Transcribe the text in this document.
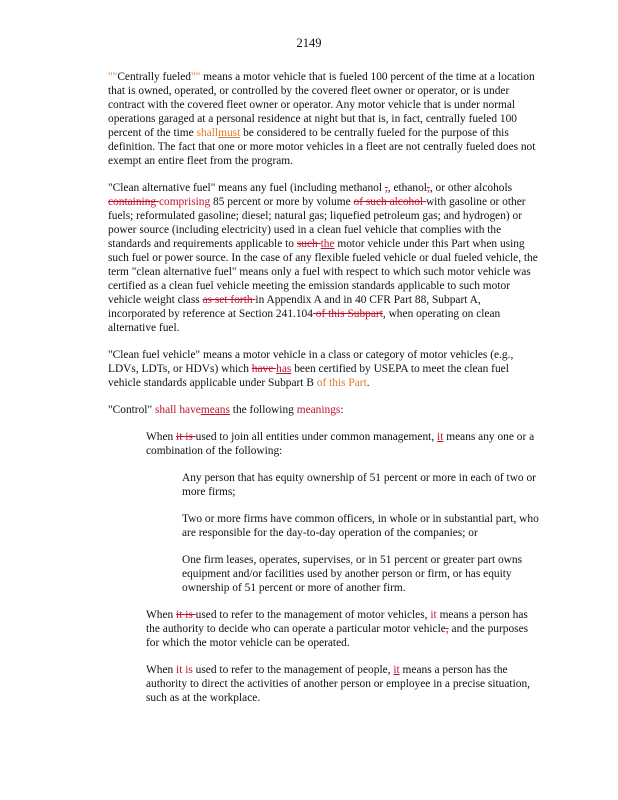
2149

""Centrally fueled"" means a motor vehicle that is fueled 100 percent of the time at a location that is owned, operated, or controlled by the covered fleet owner or operator, or is under contract with the covered fleet owner or operator. Any motor vehicle that is under normal operations garaged at a personal residence at night but that is, in fact, centrally fueled 100 percent of the time shallmust be considered to be centrally fueled for the purpose of this definition. The fact that one or more motor vehicles in a fleet are not centrally fueled does not exempt an entire fleet from the program.

"Clean alternative fuel" means any fuel (including methanol ,, ethanol,, or other alcohols containing comprising 85 percent or more by volume of such alcohol with gasoline or other fuels; reformulated gasoline; diesel; natural gas; liquefied petroleum gas; and hydrogen) or power source (including electricity) used in a clean fuel vehicle that complies with the standards and requirements applicable to such the motor vehicle under this Part when using such fuel or power source. In the case of any flexible fueled vehicle or dual fueled vehicle, the term "clean alternative fuel" means only a fuel with respect to which such motor vehicle was certified as a clean fuel vehicle meeting the emission standards applicable to such motor vehicle weight class as set forth in Appendix A and in 40 CFR Part 88, Subpart A, incorporated by reference at Section 241.104 of this Subpart, when operating on clean alternative fuel.

"Clean fuel vehicle" means a motor vehicle in a class or category of motor vehicles (e.g., LDVs, LDTs, or HDVs) which have has been certified by USEPA to meet the clean fuel vehicle standards applicable under Subpart B of this Part.

"Control" shall havemeans the following meanings:

When it is used to join all entities under common management, it means any one or a combination of the following:

Any person that has equity ownership of 51 percent or more in each of two or more firms;

Two or more firms have common officers, in whole or in substantial part, who are responsible for the day-to-day operation of the companies; or

One firm leases, operates, supervises, or in 51 percent or greater part owns equipment and/or facilities used by another person or firm, or has equity ownership of 51 percent or more of another firm.

When it is used to refer to the management of motor vehicles, it means a person has the authority to decide who can operate a particular motor vehicle, and the purposes for which the motor vehicle can be operated.

When it is used to refer to the management of people, it means a person has the authority to direct the activities of another person or employee in a precise situation, such as at the workplace.
